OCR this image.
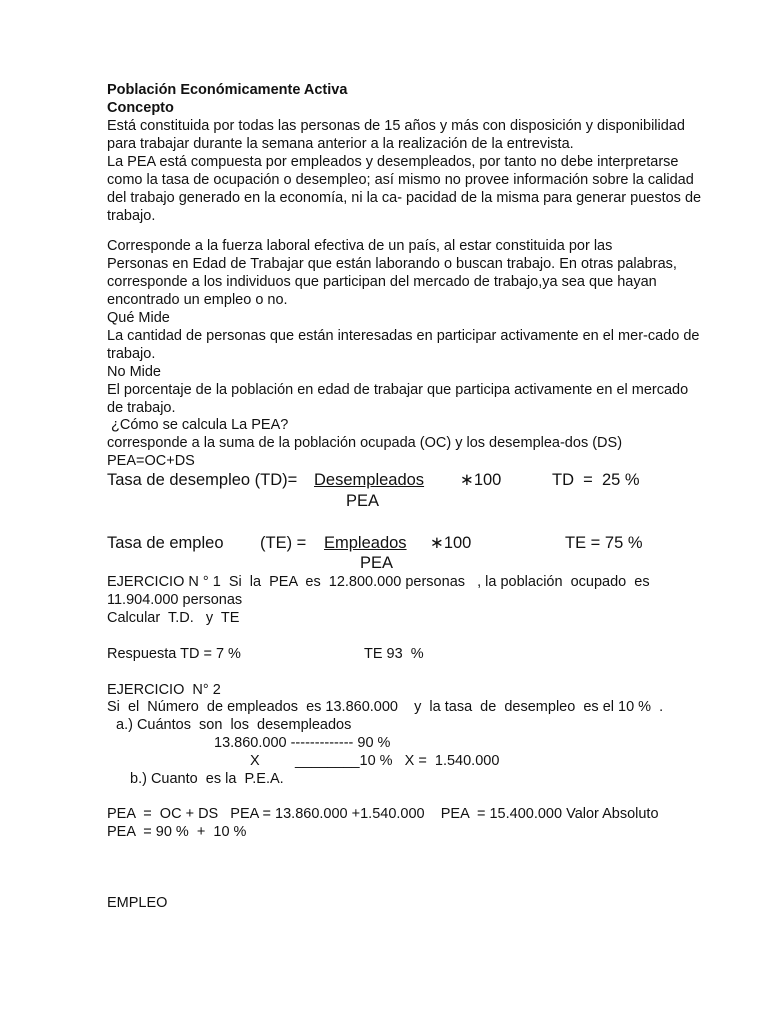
Población Económicamente Activa
Concepto
Está constituida por todas las personas de 15 años y más con disposición y disponibilidad
para trabajar durante la semana anterior a la realización de la entrevista.
La PEA está compuesta por empleados y desempleados, por tanto no debe interpretarse
como la tasa de ocupación o desempleo; así mismo no provee información sobre la calidad
del trabajo generado en la economía, ni la ca- pacidad de la misma para generar puestos de
trabajo.
Corresponde a la fuerza laboral efectiva de un país, al estar constituida por las
Personas en Edad de Trabajar que están laborando o buscan trabajo. En otras palabras,
corresponde a los individuos que participan del mercado de trabajo,ya sea que hayan
encontrado un empleo o no.
Qué Mide
La cantidad de personas que están interesadas en participar activamente en el mer-cado de
trabajo.
No Mide
El porcentaje de la población en edad de trabajar que participa activamente en el mercado
de trabajo.
¿Cómo se calcula La PEA?
corresponde a la suma de la población ocupada (OC) y los desemplea-dos (DS)
PEA=OC+DS
Tasa de desempleo (TD)= Desempleados	∗100	TD  =  25 %
PEA
Tasa de empleo (TE) = Empleados	∗100	TE = 75 %
PEA
EJERCICIO N ° 1  Si  la  PEA  es  12.800.000 personas   , la población  ocupado  es
11.904.000 personas
Calcular  T.D.   y  TE
Respuesta TD = 7 %	TE 93  %
EJERCICIO  N° 2
Si  el  Número  de empleados  es 13.860.000    y  la tasa  de  desempleo  es el 10 %  .
a.) Cuántos  son  los  desempleados
13.860.000 ------------- 90 %
X ________10 %   X =  1.540.000
b.) Cuanto  es la  P.E.A.
PEA  =  OC + DS   PEA = 13.860.000 +1.540.000    PEA  = 15.400.000 Valor Absoluto
PEA  = 90 %  +  10 %
EMPLEO
